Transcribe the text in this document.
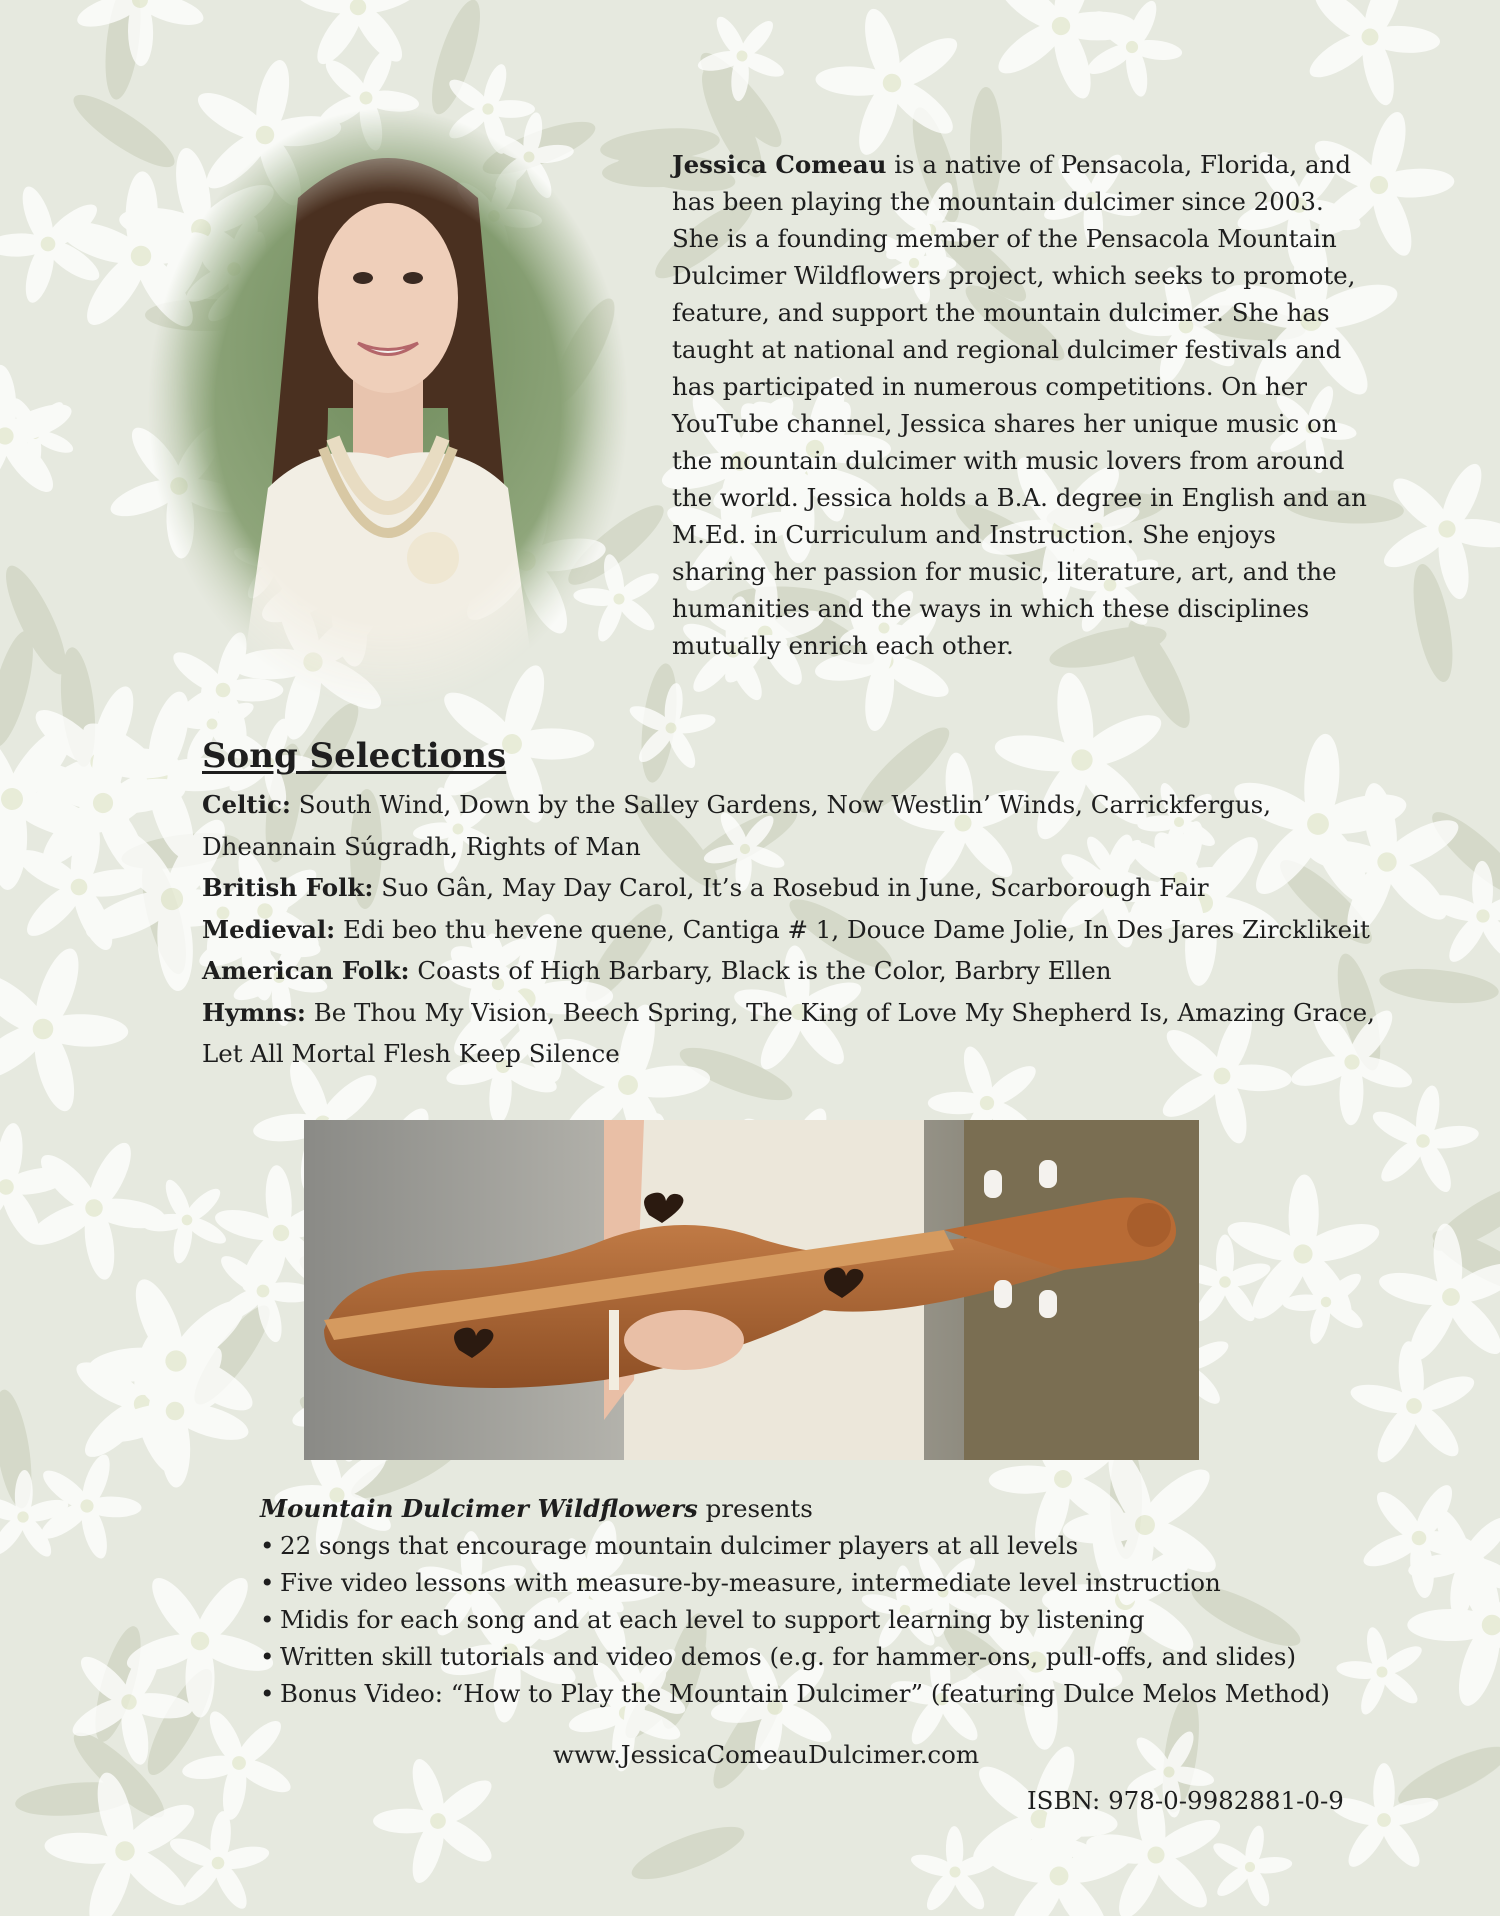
Jessica Comeau is a native of Pensacola, Florida, and
has been playing the mountain dulcimer since 2003.
She is a founding member of the Pensacola Mountain
Dulcimer Wildflowers project, which seeks to promote,
feature, and support the mountain dulcimer. She has
taught at national and regional dulcimer festivals and
has participated in numerous competitions. On her
YouTube channel, Jessica shares her unique music on
the mountain dulcimer with music lovers from around
the world. Jessica holds a B.A. degree in English and an
M.Ed. in Curriculum and Instruction. She enjoys
sharing her passion for music, literature, art, and the
humanities and the ways in which these disciplines
mutually enrich each other.
Song Selections

Celtic: South Wind, Down by the Salley Gardens, Now Westlin’ Winds, Carrickfergus,

Dheannain Súgradh, Rights of Man

British Folk: Suo Gân, May Day Carol, It’s a Rosebud in June, Scarborough Fair

Medieval: Edi beo thu hevene quene, Cantiga # 1, Douce Dame Jolie, In Des Jares Zircklikeit

American Folk: Coasts of High Barbary, Black is the Color, Barbry Ellen

Hymns: Be Thou My Vision, Beech Spring, The King of Love My Shepherd Is, Amazing Grace,

Let All Mortal Flesh Keep Silence

Mountain Dulcimer Wildflowers presents
• 22 songs that encourage mountain dulcimer players at all levels
• Five video lessons with measure-by-measure, intermediate level instruction
• Midis for each song and at each level to support learning by listening
• Written skill tutorials and video demos (e.g. for hammer-ons, pull-offs, and slides)
• Bonus Video: “How to Play the Mountain Dulcimer” (featuring Dulce Melos Method)
www.JessicaComeauDulcimer.com
ISBN: 978-0-9982881-0-9
